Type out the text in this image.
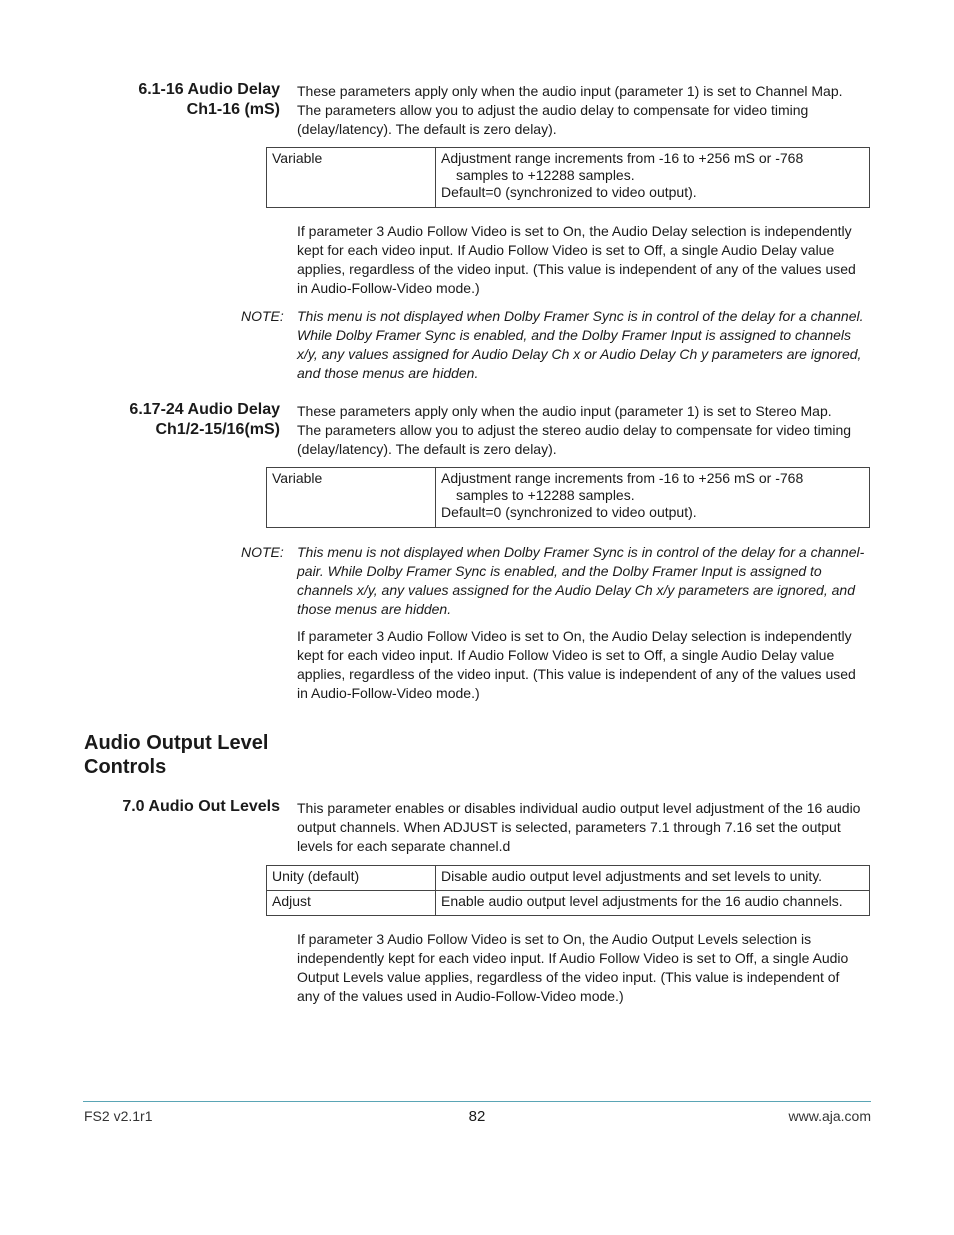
6.1-16 Audio Delay
Ch1-16 (mS)
These parameters apply only when the audio input (parameter 1) is set to Channel Map. The parameters allow you to adjust the audio delay to compensate for video timing (delay/latency). The default is zero delay).
Variable	Adjustment range increments from -16 to +256 mS or -768
samples to +12288 samples.
Default=0 (synchronized to video output).
If parameter 3 Audio Follow Video is set to On, the Audio Delay selection is independently kept for each video input. If Audio Follow Video is set to Off, a single Audio Delay value applies, regardless of the video input. (This value is independent of any of the values used in Audio-Follow-Video mode.)
NOTE: This menu is not displayed when Dolby Framer Sync is in control of the delay for a channel. While Dolby Framer Sync is enabled, and the Dolby Framer Input is assigned to channels x/y, any values assigned for Audio Delay Ch x or Audio Delay Ch y parameters are ignored, and those menus are hidden.
6.17-24 Audio Delay
Ch1/2-15/16(mS)
These parameters apply only when the audio input (parameter 1) is set to Stereo Map. The parameters allow you to adjust the stereo audio delay to compensate for video timing (delay/latency). The default is zero delay).
Variable	Adjustment range increments from -16 to +256 mS or -768
samples to +12288 samples.
Default=0 (synchronized to video output).
NOTE: This menu is not displayed when Dolby Framer Sync is in control of the delay for a channel-pair. While Dolby Framer Sync is enabled, and the Dolby Framer Input is assigned to channels x/y, any values assigned for the Audio Delay Ch x/y parameters are ignored, and those menus are hidden.
If parameter 3 Audio Follow Video is set to On, the Audio Delay selection is independently kept for each video input. If Audio Follow Video is set to Off, a single Audio Delay value applies, regardless of the video input. (This value is independent of any of the values used in Audio-Follow-Video mode.)
Audio Output Level
Controls
7.0 Audio Out Levels This parameter enables or disables individual audio output level adjustment of the 16 audio output channels. When ADJUST is selected, parameters 7.1 through 7.16 set the output levels for each separate channel.d
Unity (default)	Disable audio output level adjustments and set levels to unity.
Adjust	Enable audio output level adjustments for the 16 audio channels.
If parameter 3 Audio Follow Video is set to On, the Audio Output Levels selection is independently kept for each video input. If Audio Follow Video is set to Off, a single Audio Output Levels value applies, regardless of the video input. (This value is independent of any of the values used in Audio-Follow-Video mode.)
FS2 v2.1r1	82	www.aja.com
